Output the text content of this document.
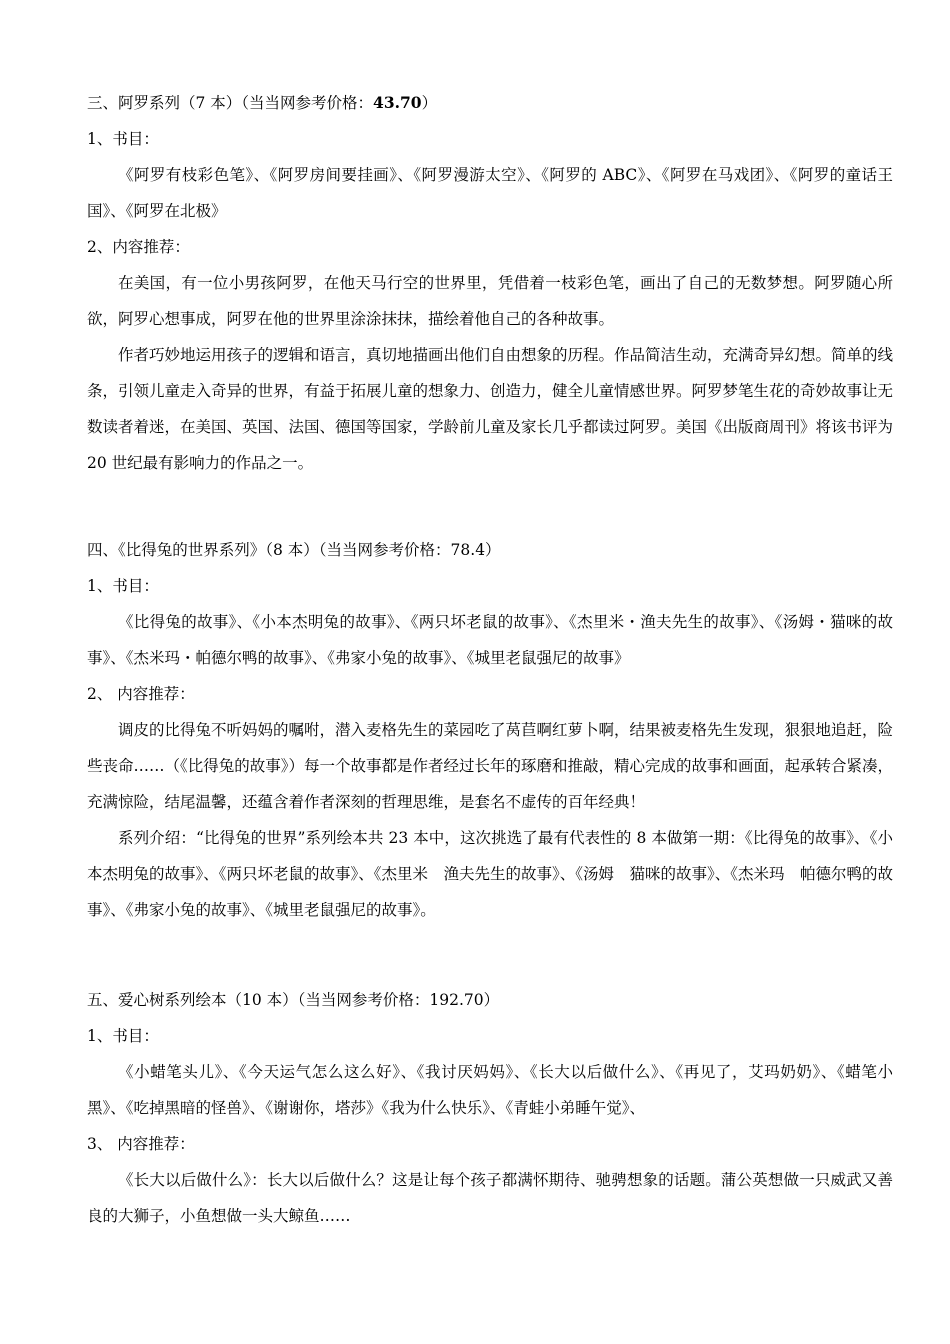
三、阿罗系列（7 本）（当当网参考价格：43.70）
1、书目：

《阿罗有枝彩色笔》、《阿罗房间要挂画》、《阿罗漫游太空》、《阿罗的 ABC》、《阿罗在马戏团》、《阿罗的童话王国》、《阿罗在北极》

2、内容推荐：

在美国，有一位小男孩阿罗，在他天马行空的世界里，凭借着一枝彩色笔，画出了自己的无数梦想。阿罗随心所欲，阿罗心想事成，阿罗在他的世界里涂涂抹抹，描绘着他自己的各种故事。

作者巧妙地运用孩子的逻辑和语言，真切地描画出他们自由想象的历程。作品简洁生动，充满奇异幻想。简单的线条，引领儿童走入奇异的世界，有益于拓展儿童的想象力、创造力，健全儿童情感世界。阿罗梦笔生花的奇妙故事让无数读者着迷，在美国、英国、法国、德国等国家，学龄前儿童及家长几乎都读过阿罗。美国《出版商周刊》将该书评为 20 世纪最有影响力的作品之一。

四、《比得兔的世界系列》（8 本）（当当网参考价格：78.4）
1、书目：

《比得兔的故事》、《小本杰明兔的故事》、《两只坏老鼠的故事》、《杰里米・渔夫先生的故事》、《汤姆・猫咪的故事》、《杰米玛・帕德尔鸭的故事》、《弗家小兔的故事》、《城里老鼠强尼的故事》

2、 内容推荐：

调皮的比得兔不听妈妈的嘱咐，潜入麦格先生的菜园吃了莴苣啊红萝卜啊，结果被麦格先生发现，狠狠地追赶，险些丧命……（《比得兔的故事》）每一个故事都是作者经过长年的琢磨和推敲，精心完成的故事和画面，起承转合紧凑，充满惊险，结尾温馨，还蕴含着作者深刻的哲理思维，是套名不虚传的百年经典！

系列介绍：“比得兔的世界”系列绘本共 23 本中，这次挑选了最有代表性的 8 本做第一期：《比得兔的故事》、《小本杰明兔的故事》、《两只坏老鼠的故事》、《杰里米　渔夫先生的故事》、《汤姆　猫咪的故事》、《杰米玛　帕德尔鸭的故事》、《弗家小兔的故事》、《城里老鼠强尼的故事》。

五、爱心树系列绘本（10 本）（当当网参考价格：192.70）
1、书目：

《小蜡笔头儿》、《今天运气怎么这么好》、《我讨厌妈妈》、《长大以后做什么》、《再见了，艾玛奶奶》、《蜡笔小黑》、《吃掉黑暗的怪兽》、《谢谢你，塔莎》《我为什么快乐》、《青蛙小弟睡午觉》、

3、 内容推荐：

《长大以后做什么》：长大以后做什么？这是让每个孩子都满怀期待、驰骋想象的话题。蒲公英想做一只威武又善良的大狮子，小鱼想做一头大鲸鱼……
